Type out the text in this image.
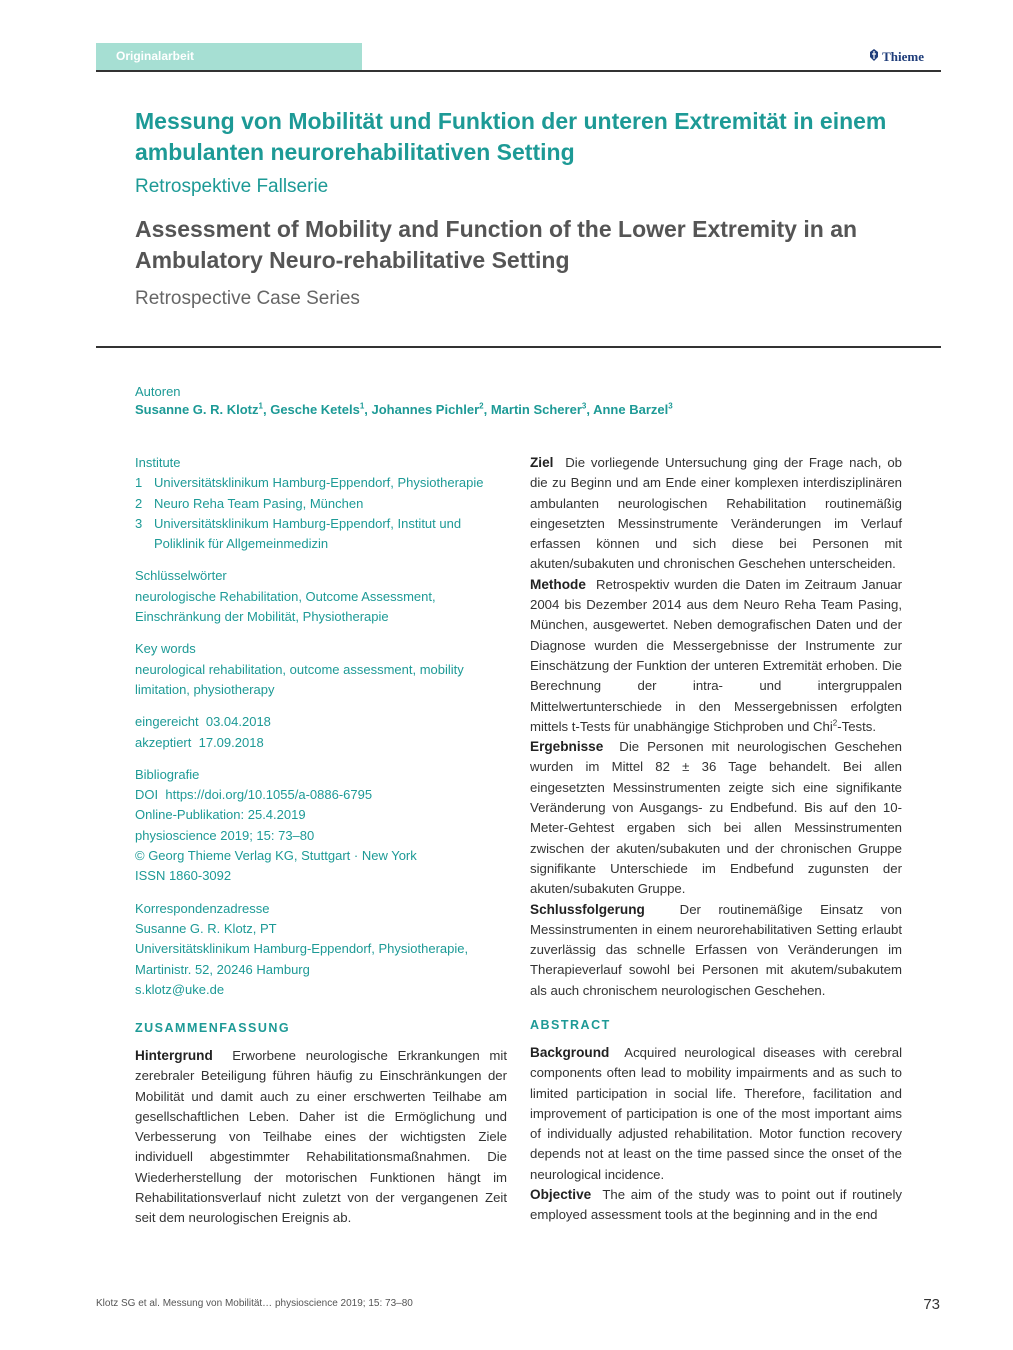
Originalarbeit	Thieme
Messung von Mobilität und Funktion der unteren Extremität in einem ambulanten neurorehabilitativen Setting
Retrospektive Fallserie
Assessment of Mobility and Function of the Lower Extremity in an Ambulatory Neuro-rehabilitative Setting
Retrospective Case Series
Autoren
Susanne G. R. Klotz$^1$, Gesche Ketels$^1$, Johannes Pichler$^2$, Martin Scherer$^3$, Anne Barzel$^3$
Institute
1 Universitätsklinikum Hamburg-Eppendorf, Physiotherapie
2 Neuro Reha Team Pasing, München
3 Universitätsklinikum Hamburg-Eppendorf, Institut und Poliklinik für Allgemeinmedizin
Schlüsselwörter
neurologische Rehabilitation, Outcome Assessment, Einschränkung der Mobilität, Physiotherapie
Key words
neurological rehabilitation, outcome assessment, mobility limitation, physiotherapy
eingereicht 03.04.2018
akzeptiert 17.09.2018
Bibliografie
DOI https://doi.org/10.1055/a-0886-6795
Online-Publikation: 25.4.2019
physioscience 2019; 15: 73–80
© Georg Thieme Verlag KG, Stuttgart · New York
ISSN 1860-3092
Korrespondenzadresse
Susanne G. R. Klotz, PT
Universitätsklinikum Hamburg-Eppendorf, Physiotherapie,
Martinistr. 52, 20246 Hamburg
s.klotz@uke.de
ZUSAMMENFASSUNG

Hintergrund Erworbene neurologische Erkrankungen mit zerebraler Beteiligung führen häufig zu Einschränkungen der Mobilität und damit auch zu einer erschwerten Teilhabe am gesellschaftlichen Leben. Daher ist die Ermöglichung und Verbesserung von Teilhabe eines der wichtigsten Ziele individuell abgestimmter Rehabilitationsmaßnahmen. Die Wiederherstellung der motorischen Funktionen hängt im Rehabilitationsverlauf nicht zuletzt von der vergangenen Zeit seit dem neurologischen Ereignis ab.

Ziel Die vorliegende Untersuchung ging der Frage nach, ob die zu Beginn und am Ende einer komplexen interdisziplinären ambulanten neurologischen Rehabilitation routinemäßig eingesetzten Messinstrumente Veränderungen im Verlauf erfassen können und sich diese bei Personen mit akuten/subakuten und chronischen Geschehen unterscheiden.

Methode Retrospektiv wurden die Daten im Zeitraum Januar 2004 bis Dezember 2014 aus dem Neuro Reha Team Pasing, München, ausgewertet. Neben demografischen Daten und der Diagnose wurden die Messergebnisse der Instrumente zur Einschätzung der Funktion der unteren Extremität erhoben. Die Berechnung der intra- und intergruppalen Mittelwertunterschiede in den Messergebnissen erfolgten mittels t-Tests für unabhängige Stichproben und Chi$^2$-Tests.

Ergebnisse Die Personen mit neurologischen Geschehen wurden im Mittel 82 ± 36 Tage behandelt. Bei allen eingesetzten Messinstrumenten zeigte sich eine signifikante Veränderung von Ausgangs- zu Endbefund. Bis auf den 10-Meter-Gehtest ergaben sich bei allen Messinstrumenten zwischen der akuten/subakuten und der chronischen Gruppe signifikante Unterschiede im Endbefund zugunsten der akuten/subakuten Gruppe.

Schlussfolgerung	Der routinemäßige Einsatz von Messinstrumenten in einem neurorehabilitativen Setting erlaubt zuverlässig das schnelle Erfassen von Veränderungen im Therapieverlauf sowohl bei Personen mit akutem/subakutem als auch chronischem neurologischen Geschehen.

ABSTRACT

Background Acquired neurological diseases with cerebral components often lead to mobility impairments and as such to limited participation in social life. Therefore, facilitation and improvement of participation is one of the most important aims of individually adjusted rehabilitation. Motor function recovery depends not at least on the time passed since the onset of the neurological incidence.

Objective The aim of the study was to point out if routinely employed assessment tools at the beginning and in the end

Klotz SG et al. Messung von Mobilität… physioscience 2019; 15: 73–80	73
